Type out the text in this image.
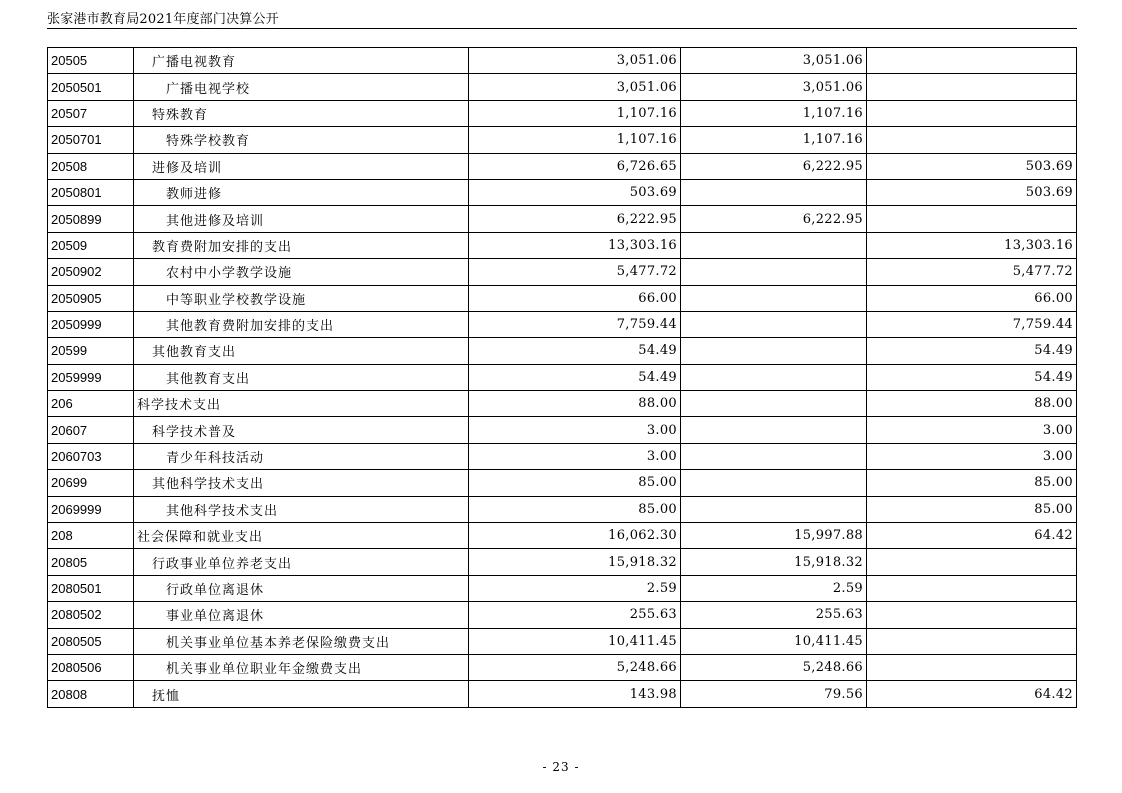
张家港市教育局2021年度部门决算公开
20505	广播电视教育	3,051.06	3,051.06	
2050501	广播电视学校	3,051.06	3,051.06	
20507	特殊教育	1,107.16	1,107.16	
2050701	特殊学校教育	1,107.16	1,107.16	
20508	进修及培训	6,726.65	6,222.95	503.69
2050801	教师进修	503.69		503.69
2050899	其他进修及培训	6,222.95	6,222.95	
20509	教育费附加安排的支出	13,303.16		13,303.16
2050902	农村中小学教学设施	5,477.72		5,477.72
2050905	中等职业学校教学设施	66.00		66.00
2050999	其他教育费附加安排的支出	7,759.44		7,759.44
20599	其他教育支出	54.49		54.49
2059999	其他教育支出	54.49		54.49
206	科学技术支出	88.00		88.00
20607	科学技术普及	3.00		3.00
2060703	青少年科技活动	3.00		3.00
20699	其他科学技术支出	85.00		85.00
2069999	其他科学技术支出	85.00		85.00
208	社会保障和就业支出	16,062.30	15,997.88	64.42
20805	行政事业单位养老支出	15,918.32	15,918.32	
2080501	行政单位离退休	2.59	2.59	
2080502	事业单位离退休	255.63	255.63	
2080505	机关事业单位基本养老保险缴费支出	10,411.45	10,411.45	
2080506	机关事业单位职业年金缴费支出	5,248.66	5,248.66	
20808	抚恤	143.98	79.56	64.42
- 23 -
